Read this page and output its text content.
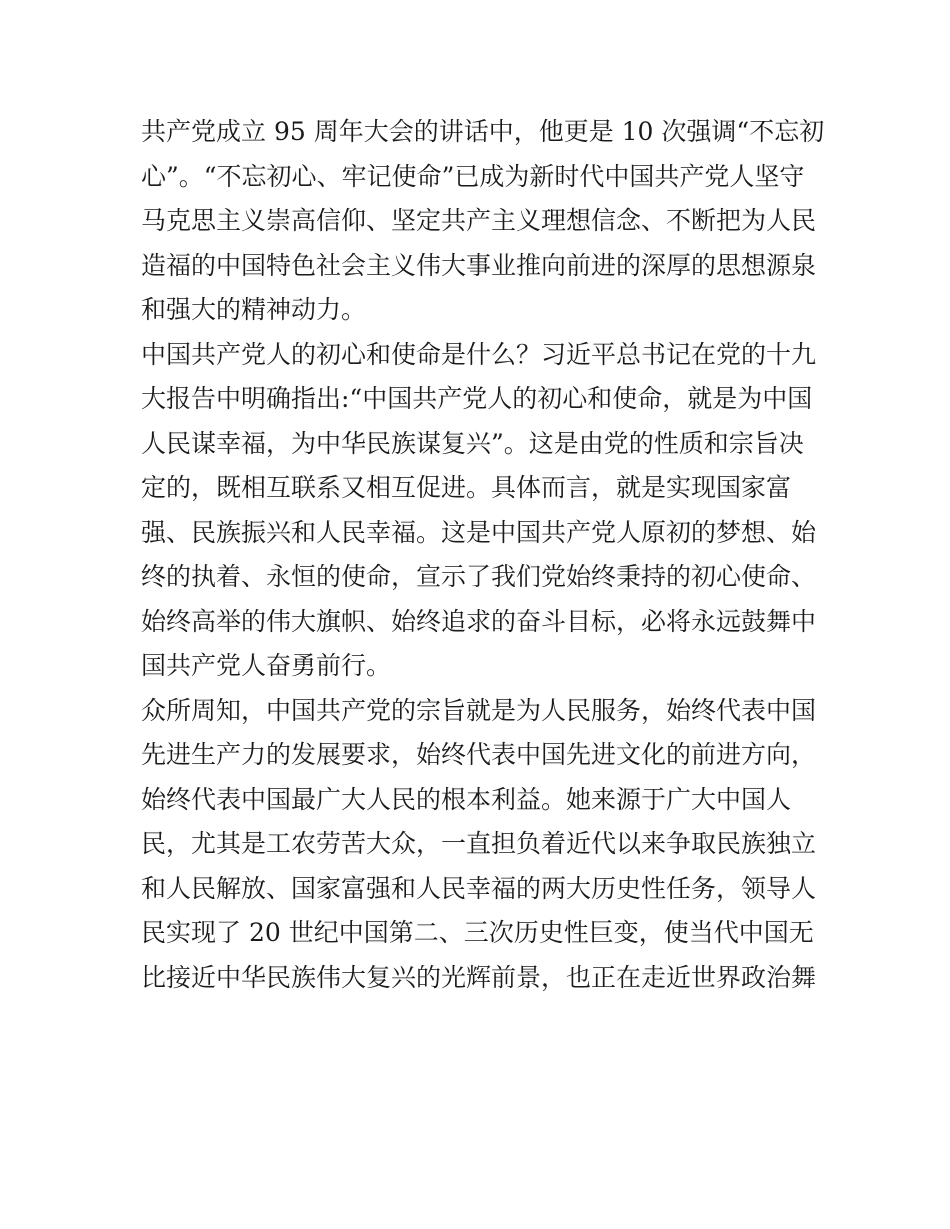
共产党成立 95 周年大会的讲话中，他更是 10 次强调“不忘初
心”。“不忘初心、牢记使命”已成为新时代中国共产党人坚守
马克思主义崇高信仰、坚定共产主义理想信念、不断把为人民
造福的中国特色社会主义伟大事业推向前进的深厚的思想源泉
和强大的精神动力。
中国共产党人的初心和使命是什么？习近平总书记在党的十九
大报告中明确指出:“中国共产党人的初心和使命，就是为中国
人民谋幸福，为中华民族谋复兴”。这是由党的性质和宗旨决
定的，既相互联系又相互促进。具体而言，就是实现国家富
强、民族振兴和人民幸福。这是中国共产党人原初的梦想、始
终的执着、永恒的使命，宣示了我们党始终秉持的初心使命、
始终高举的伟大旗帜、始终追求的奋斗目标，必将永远鼓舞中
国共产党人奋勇前行。
众所周知，中国共产党的宗旨就是为人民服务，始终代表中国
先进生产力的发展要求，始终代表中国先进文化的前进方向，
始终代表中国最广大人民的根本利益。她来源于广大中国人
民，尤其是工农劳苦大众，一直担负着近代以来争取民族独立
和人民解放、国家富强和人民幸福的两大历史性任务，领导人
民实现了 20 世纪中国第二、三次历史性巨变，使当代中国无
比接近中华民族伟大复兴的光辉前景，也正在走近世界政治舞
